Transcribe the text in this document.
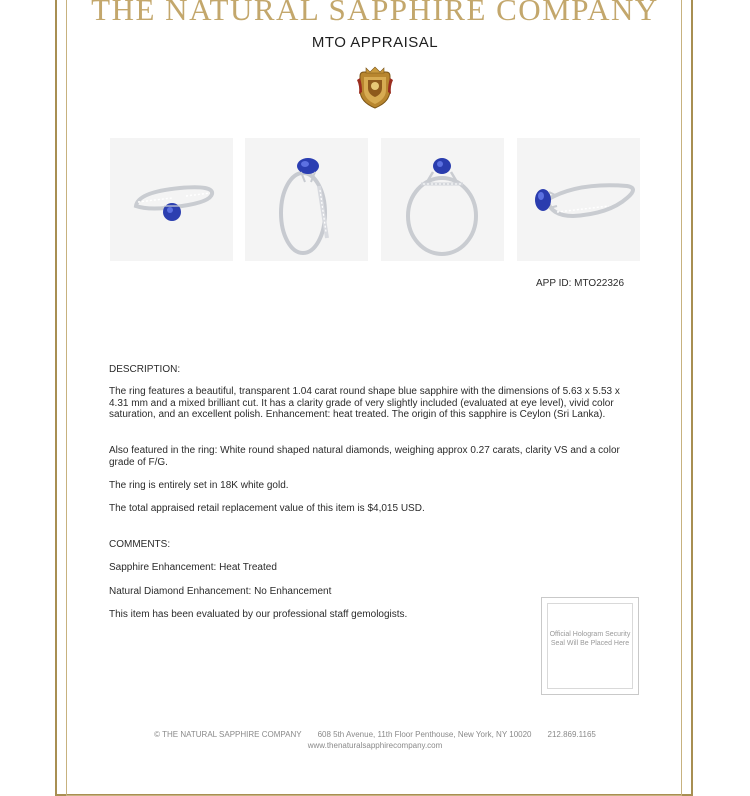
THE NATURAL SAPPHIRE COMPANY
MTO APPRAISAL
APP ID: MTO22326

DESCRIPTION:

The ring features a beautiful, transparent 1.04 carat round shape blue sapphire with the dimensions of 5.63 x 5.53 x 4.31 mm and a mixed brilliant cut. It has a clarity grade of very slightly included (evaluated at eye level), vivid color saturation, and an excellent polish. Enhancement: heat treated. The origin of this sapphire is Ceylon (Sri Lanka).

Also featured in the ring: White round shaped natural diamonds, weighing approx 0.27 carats, clarity VS and a color grade of F/G.

The ring is entirely set in 18K white gold.

The total appraised retail replacement value of this item is $4,015 USD.

COMMENTS:

Sapphire Enhancement: Heat Treated

Natural Diamond Enhancement: No Enhancement

This item has been evaluated by our professional staff gemologists.

Official Hologram Security Seal Will Be Placed Here
© THE NATURAL SAPPHIRE COMPANY 608 5th Avenue, 11th Floor Penthouse, New York, NY 10020 212.869.1165
www.thenaturalsapphirecompany.com
